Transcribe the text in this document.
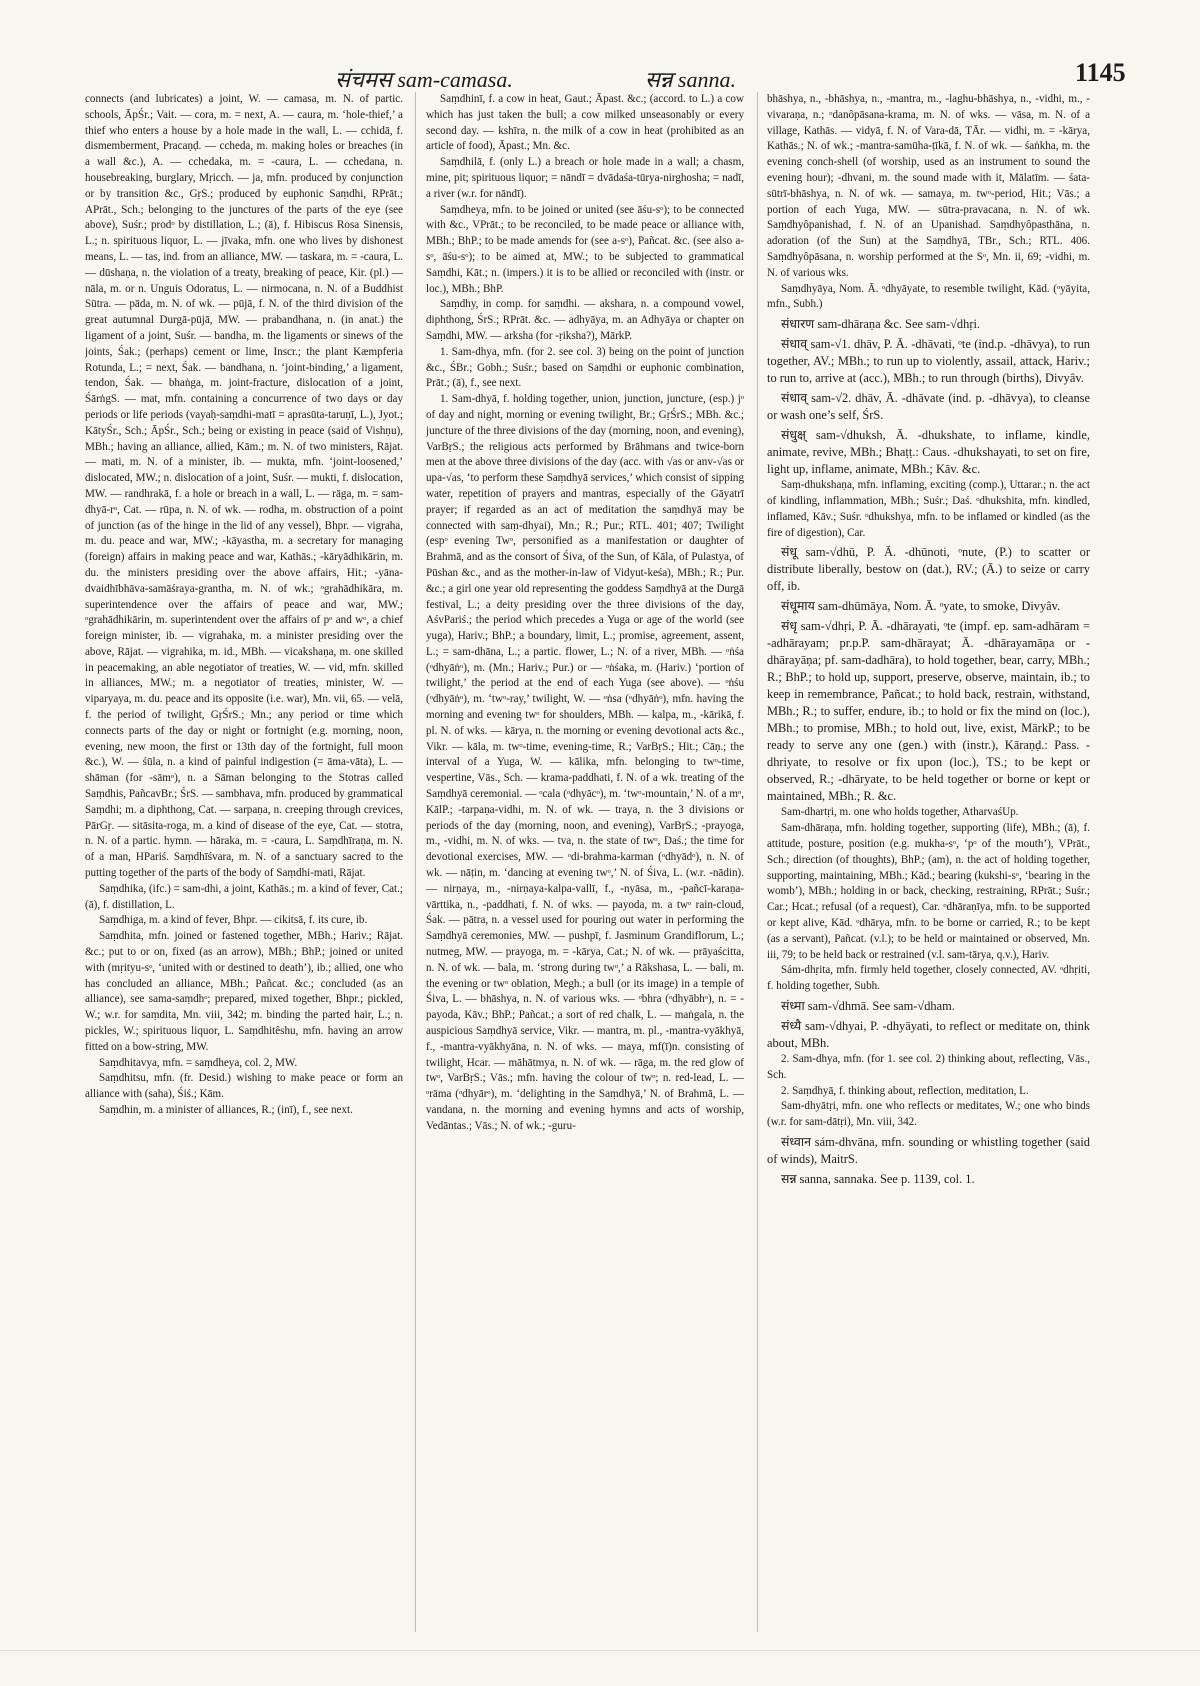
संचमस sam-camasa.	सन्न sanna.	1145

connects (and lubricates) a joint, W. — camasa, m. N. of partic. schools, ĀpŚr.; Vait. — cora, m. = next, A. — caura, m. ‘hole-thief,’ a thief who enters a house by a hole made in the wall, L. — cchidā, f. dismemberment, Pracaṇḍ. — ccheda, m. making holes or breaches (in a wall &c.), A. — cchedaka, m. = -caura, L. — cchedana, n. housebreaking, burglary, Mṛicch. — ja, mfn. produced by conjunction or by transition &c., GṛS.; produced by euphonic Saṃdhi, RPrāt.; APrāt., Sch.; belonging to the junctures of the parts of the eye (see above), Suśr.; prodᵒ by distillation, L.; (ā), f. Hibiscus Rosa Sinensis, L.; n. spirituous liquor, L. — jīvaka, mfn. one who lives by dishonest means, L. — tas, ind. from an alliance, MW. — taskara, m. = -caura, L. — dūshaṇa, n. the violation of a treaty, breaking of peace, Kir. (pl.) — nāla, m. or n. Unguis Odoratus, L. — nirmocana, n. N. of a Buddhist Sūtra. — pāda, m. N. of wk. — pūjā, f. N. of the third division of the great autumnal Durgā-pūjā, MW. — prabandhana, n. (in anat.) the ligament of a joint, Suśr. — bandha, m. the ligaments or sinews of the joints, Śak.; (perhaps) cement or lime, Inscr.; the plant Kæmpferia Rotunda, L.; = next, Śak. — bandhana, n. ‘joint-binding,’ a ligament, tendon, Śak. — bhaṅga, m. joint-fracture, dislocation of a joint, ŚārṅgS. — mat, mfn. containing a concurrence of two days or day periods or life periods (vayaḥ-saṃdhi-matī = aprasūta-taruṇī, L.), Jyot.; KātyŚr., Sch.; ĀpŚr., Sch.; being or existing in peace (said of Vishṇu), MBh.; having an alliance, allied, Kām.; m. N. of two ministers, Rājat. — mati, m. N. of a minister, ib. — mukta, mfn. ‘joint-loosened,’ dislocated, MW.; n. dislocation of a joint, Suśr. — mukti, f. dislocation, MW. — randhrakā, f. a hole or breach in a wall, L. — rāga, m. = sam-dhyā-rᵒ, Cat. — rūpa, n. N. of wk. — rodha, m. obstruction of a point of junction (as of the hinge in the lid of any vessel), Bhpr. — vigraha, m. du. peace and war, MW.; -kāyastha, m. a secretary for managing (foreign) affairs in making peace and war, Kathās.; -kāryādhikārin, m. du. the ministers presiding over the above affairs, Hit.; -yāna-dvaidhībhāva-samāśraya-grantha, m. N. of wk.; ᵒgrahādhikāra, m. superintendence over the affairs of peace and war, MW.; ᵒgrahādhikārin, m. superintendent over the affairs of pᵒ and wᵒ, a chief foreign minister, ib. — vigrahaka, m. a minister presiding over the above, Rājat. — vigrahika, m. id., MBh. — vicakshaṇa, m. one skilled in peacemaking, an able negotiator of treaties, W. — vid, mfn. skilled in alliances, MW.; m. a negotiator of treaties, minister, W. — viparyaya, m. du. peace and its opposite (i.e. war), Mn. vii, 65. — velā, f. the period of twilight, GṛŚrS.; Mn.; any period or time which connects parts of the day or night or fortnight (e.g. morning, noon, evening, new moon, the first or 13th day of the fortnight, full moon &c.), W. — śūla, n. a kind of painful indigestion (= āma-vāta), L. — shāman (for -sāmᵒ), n. a Sāman belonging to the Stotras called Saṃdhis, PañcavBr.; ŚrS. — sambhava, mfn. produced by grammatical Saṃdhi; m. a diphthong, Cat. — sarpaṇa, n. creeping through crevices, PārGṛ. — sitāsita-roga, m. a kind of disease of the eye, Cat. — stotra, n. N. of a partic. hymn. — hāraka, m. = -caura, L. Saṃdhīraṇa, m. N. of a man, HPariś. Saṃdhīśvara, m. N. of a sanctuary sacred to the putting together of the parts of the body of Saṃdhi-mati, Rājat.

Saṃdhika, (ifc.) = sam-dhi, a joint, Kathās.; m. a kind of fever, Cat.; (ā), f. distillation, L.

Saṃdhiga, m. a kind of fever, Bhpr. — cikitsā, f. its cure, ib.

Saṃdhita, mfn. joined or fastened together, MBh.; Hariv.; Rājat. &c.; put to or on, fixed (as an arrow), MBh.; BhP.; joined or united with (mṛityu-sᵒ, ‘united with or destined to death’), ib.; allied, one who has concluded an alliance, MBh.; Pañcat. &c.; concluded (as an alliance), see sama-saṃdhᵒ; prepared, mixed together, Bhpr.; pickled, W.; w.r. for saṃdita, Mn. viii, 342; m. binding the parted hair, L.; n. pickles, W.; spirituous liquor, L. Saṃdhitêshu, mfn. having an arrow fitted on a bow-string, MW.

Saṃdhitavya, mfn. = saṃdheya, col. 2, MW.

Saṃdhitsu, mfn. (fr. Desid.) wishing to make peace or form an alliance with (saha), Śiś.; Kām.

Saṃdhin, m. a minister of alliances, R.; (inī), f., see next.

Saṃdhinī, f. a cow in heat, Gaut.; Āpast. &c.; (accord. to L.) a cow which has just taken the bull; a cow milked unseasonably or every second day. — kshīra, n. the milk of a cow in heat (prohibited as an article of food), Āpast.; Mn. &c.

Saṃdhilā, f. (only L.) a breach or hole made in a wall; a chasm, mine, pit; spirituous liquor; = nāndī = dvādaśa-tūrya-nirghosha; = nadī, a river (w.r. for nāndī).

Saṃdheya, mfn. to be joined or united (see āśu-sᵒ); to be connected with &c., VPrāt.; to be reconciled, to be made peace or alliance with, MBh.; BhP.; to be made amends for (see a-sᵒ), Pañcat. &c. (see also a-sᵒ, āśu-sᵒ); to be aimed at, MW.; to be subjected to grammatical Saṃdhi, Kāt.; n. (impers.) it is to be allied or reconciled with (instr. or loc.), MBh.; BhP.

Saṃdhy, in comp. for saṃdhi. — akshara, n. a compound vowel, diphthong, ŚrS.; RPrāt. &c. — adhyāya, m. an Adhyāya or chapter on Saṃdhi, MW. — arksha (for -ṛiksha?), MārkP.

1. Sam-dhya, mfn. (for 2. see col. 3) being on the point of junction &c., ŚBr.; Gobh.; Suśr.; based on Saṃdhi or euphonic combination, Prāt.; (ā), f., see next.

1. Sam-dhyā, f. holding together, union, junction, juncture, (esp.) jᵒ of day and night, morning or evening twilight, Br.; GṛŚrS.; MBh. &c.; juncture of the three divisions of the day (morning, noon, and evening), VarBṛS.; the religious acts performed by Brāhmans and twice-born men at the above three divisions of the day (acc. with √as or anv-√as or upa-√as, ‘to perform these Saṃdhyā services,’ which consist of sipping water, repetition of prayers and mantras, especially of the Gāyatrī prayer; if regarded as an act of meditation the saṃdhyā may be connected with saṃ-dhyai), Mn.; R.; Pur.; RTL. 401; 407; Twilight (espᵒ evening Twᵒ, personified as a manifestation or daughter of Brahmā, and as the consort of Śiva, of the Sun, of Kāla, of Pulastya, of Pūshan &c., and as the mother-in-law of Vidyut-keśa), MBh.; R.; Pur. &c.; a girl one year old representing the goddess Saṃdhyā at the Durgā festival, L.; a deity presiding over the three divisions of the day, AśvPariś.; the period which precedes a Yuga or age of the world (see yuga), Hariv.; BhP.; a boundary, limit, L.; promise, agreement, assent, L.; = sam-dhāna, L.; a partic. flower, L.; N. of a river, MBh. — ᵒṅśa (ᵒdhyāṅᵒ), m. (Mn.; Hariv.; Pur.) or — ᵒṅśaka, m. (Hariv.) ‘portion of twilight,’ the period at the end of each Yuga (see above). — ᵒṅśu (ᵒdhyāṅᵒ), m. ‘twᵒ-ray,’ twilight, W. — ᵒṅsa (ᵒdhyāṅᵒ), mfn. having the morning and evening twᵒ for shoulders, MBh. — kalpa, m., -kārikā, f. pl. N. of wks. — kārya, n. the morning or evening devotional acts &c., Vikr. — kāla, m. twᵒ-time, evening-time, R.; VarBṛS.; Hit.; Cāṇ.; the interval of a Yuga, W. — kālika, mfn. belonging to twᵒ-time, vespertine, Vās., Sch. — krama-paddhati, f. N. of a wk. treating of the Saṃdhyā ceremonial. — ᵒcala (ᵒdhyācᵒ), m. ‘twᵒ-mountain,’ N. of a mᵒ, KālP.; -tarpaṇa-vidhi, m. N. of wk. — traya, n. the 3 divisions or periods of the day (morning, noon, and evening), VarBṛS.; -prayoga, m., -vidhi, m. N. of wks. — tva, n. the state of twᵒ, Daś.; the time for devotional exercises, MW. — ᵒdi-brahma-karman (ᵒdhyādᵒ), n. N. of wk. — nāṭin, m. ‘dancing at evening twᵒ,’ N. of Śiva, L. (w.r. -nādin). — nirṇaya, m., -nirṇaya-kalpa-vallī, f., -nyāsa, m., -pañcī-karaṇa-vārttika, n., -paddhati, f. N. of wks. — payoda, m. a twᵒ rain-cloud, Śak. — pātra, n. a vessel used for pouring out water in performing the Saṃdhyā ceremonies, MW. — pushpī, f. Jasminum Grandiflorum, L.; nutmeg, MW. — prayoga, m. = -kārya, Cat.; N. of wk. — prāyaścitta, n. N. of wk. — bala, m. ‘strong during twᵒ,’ a Rākshasa, L. — bali, m. the evening or twᵒ oblation, Megh.; a bull (or its image) in a temple of Śiva, L. — bhāshya, n. N. of various wks. — ᵒbhra (ᵒdhyābhᵒ), n. = -payoda, Kāv.; BhP.; Pañcat.; a sort of red chalk, L. — maṅgala, n. the auspicious Saṃdhyā service, Vikr. — mantra, m. pl., -mantra-vyākhyā, f., -mantra-vyākhyāna, n. N. of wks. — maya, mf(ī)n. consisting of twilight, Hcar. — māhātmya, n. N. of wk. — rāga, m. the red glow of twᵒ, VarBṛS.; Vās.; mfn. having the colour of twᵒ; n. red-lead, L. — ᵒrāma (ᵒdhyārᵒ), m. ‘delighting in the Saṃdhyā,’ N. of Brahmā, L. — vandana, n. the morning and evening hymns and acts of worship, Vedāntas.; Vās.; N. of wk.; -guru-

bhāshya, n., -bhāshya, n., -mantra, m., -laghu-bhāshya, n., -vidhi, m., -vivaraṇa, n.; ᵒdanôpāsana-krama, m. N. of wks. — vāsa, m. N. of a village, Kathās. — vidyā, f. N. of Vara-dā, TĀr. — vidhi, m. = -kārya, Kathās.; N. of wk.; -mantra-samūha-ṭīkā, f. N. of wk. — śaṅkha, m. the evening conch-shell (of worship, used as an instrument to sound the evening hour); -dhvani, m. the sound made with it, Mālatīm. — śata-sūtrī-bhāshya, n. N. of wk. — samaya, m. twᵒ-period, Hit.; Vās.; a portion of each Yuga, MW. — sūtra-pravacana, n. N. of wk. Saṃdhyôpanishad, f. N. of an Upanishad. Saṃdhyôpasthāna, n. adoration (of the Sun) at the Saṃdhyā, TBr., Sch.; RTL. 406. Saṃdhyôpāsana, n. worship performed at the Sᵒ, Mn. ii, 69; -vidhi, m. N. of various wks.

Saṃdhyāya, Nom. Ā. ᵒdhyāyate, to resemble twilight, Kād. (ᵒyāyita, mfn., Subh.)

संधारण sam-dhāraṇa &c. See sam-√dhṛi.

संधाव् sam-√1. dhāv, P. Ā. -dhāvati, ᵒte (ind.p. -dhāvya), to run together, AV.; MBh.; to run up to violently, assail, attack, Hariv.; to run to, arrive at (acc.), MBh.; to run through (births), Divyâv.

संधाव् sam-√2. dhāv, Ā. -dhāvate (ind. p. -dhāvya), to cleanse or wash one’s self, ŚrS.

संधुक्ष् sam-√dhuksh, Ā. -dhukshate, to inflame, kindle, animate, revive, MBh.; Bhaṭṭ.: Caus. -dhukshayati, to set on fire, light up, inflame, animate, MBh.; Kāv. &c.

Saṃ-dhukshaṇa, mfn. inflaming, exciting (comp.), Uttarar.; n. the act of kindling, inflammation, MBh.; Suśr.; Daś. ᵒdhukshita, mfn. kindled, inflamed, Kāv.; Suśr. ᵒdhukshya, mfn. to be inflamed or kindled (as the fire of digestion), Car.

संधू sam-√dhū, P. Ā. -dhūnoti, ᵒnute, (P.) to scatter or distribute liberally, bestow on (dat.), RV.; (Ā.) to seize or carry off, ib.

संधूमाय sam-dhūmāya, Nom. Ā. ᵒyate, to smoke, Divyâv.

संधृ sam-√dhṛi, P. Ā. -dhārayati, ᵒte (impf. ep. sam-adhāram = -adhārayam; pr.p.P. sam-dhārayat; Ā. -dhārayamāṇa or -dhārayāṇa; pf. sam-dadhāra), to hold together, bear, carry, MBh.; R.; BhP.; to hold up, support, preserve, observe, maintain, ib.; to keep in remembrance, Pañcat.; to hold back, restrain, withstand, MBh.; R.; to suffer, endure, ib.; to hold or fix the mind on (loc.), MBh.; to promise, MBh.; to hold out, live, exist, MārkP.; to be ready to serve any one (gen.) with (instr.), Kāraṇḍ.: Pass. -dhriyate, to resolve or fix upon (loc.), TS.; to be kept or observed, R.; -dhāryate, to be held together or borne or kept or maintained, MBh.; R. &c.

Sam-dhartṛi, m. one who holds together, AtharvaśUp.

Sam-dhāraṇa, mfn. holding together, supporting (life), MBh.; (ā), f. attitude, posture, position (e.g. mukha-sᵒ, ‘pᵒ of the mouth’), VPrāt., Sch.; direction (of thoughts), BhP.; (am), n. the act of holding together, supporting, maintaining, MBh.; Kād.; bearing (kukshi-sᵒ, ‘bearing in the womb’), MBh.; holding in or back, checking, restraining, RPrāt.; Suśr.; Car.; Hcat.; refusal (of a request), Car. ᵒdhāraṇīya, mfn. to be supported or kept alive, Kād. ᵒdhārya, mfn. to be borne or carried, R.; to be kept (as a servant), Pañcat. (v.l.); to be held or maintained or observed, Mn. iii, 79; to be held back or restrained (v.l. sam-tārya, q.v.), Hariv.

Sám-dhṛita, mfn. firmly held together, closely connected, AV. ᵒdhṛiti, f. holding together, Subh.

संध्मा sam-√dhmā. See sam-√dham.

संध्यै sam-√dhyai, P. -dhyāyati, to reflect or meditate on, think about, MBh.

2. Sam-dhya, mfn. (for 1. see col. 2) thinking about, reflecting, Vās., Sch.

2. Saṃdhyā, f. thinking about, reflection, meditation, L.

Sam-dhyātṛi, mfn. one who reflects or meditates, W.; one who binds (w.r. for sam-dātṛi), Mn. viii, 342.

संध्वान sám-dhvāna, mfn. sounding or whistling together (said of winds), MaitrS.

सन्न sanna, sannaka. See p. 1139, col. 1.
